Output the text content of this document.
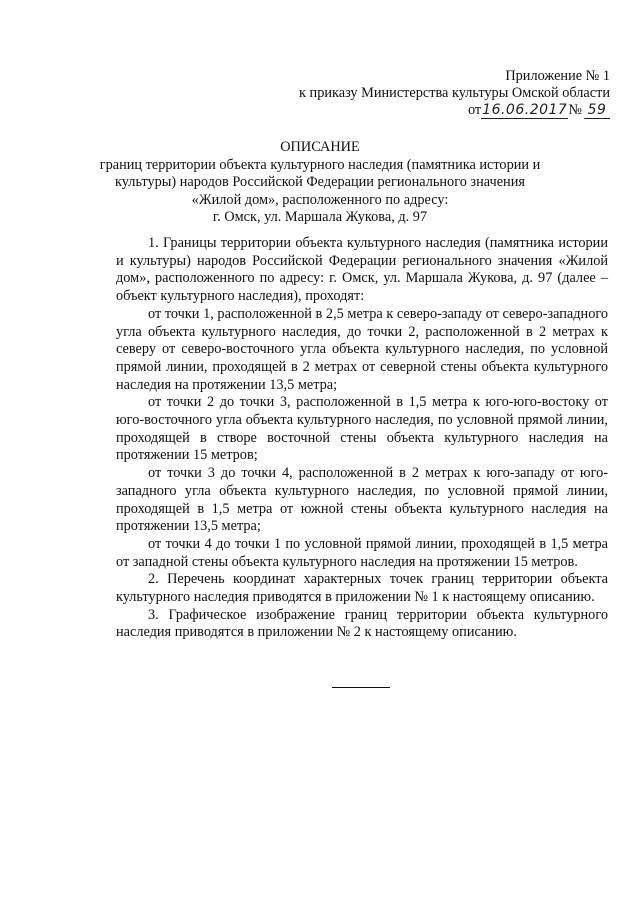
Приложение № 1
к приказу Министерства культуры Омской области
от16.06.2017№ 59
ОПИСАНИЕ
границ территории объекта культурного наследия (памятника истории и
культуры) народов Российской Федерации регионального значения
«Жилой дом», расположенного по адресу:
г. Омск, ул. Маршала Жукова, д. 97

1. Границы территории объекта культурного наследия (памятника истории и культуры) народов Российской Федерации регионального значения «Жилой дом», расположенного по адресу: г. Омск, ул. Маршала Жукова, д. 97 (далее – объект культурного наследия), проходят:

от точки 1, расположенной в 2,5 метра к северо-западу от северо-западного угла объекта культурного наследия, до точки 2, расположенной в 2 метрах к северу от северо-восточного угла объекта культурного наследия, по условной прямой линии, проходящей в 2 метрах от северной стены объекта культурного наследия на протяжении 13,5 метра;

от точки 2 до точки 3, расположенной в 1,5 метра к юго-юго-востоку от юго-восточного угла объекта культурного наследия, по условной прямой линии, проходящей в створе восточной стены объекта культурного наследия на протяжении 15 метров;

от точки 3 до точки 4, расположенной в 2 метрах к юго-западу от юго-западного угла объекта культурного наследия, по условной прямой линии, проходящей в 1,5 метра от южной стены объекта культурного наследия на протяжении 13,5 метра;

от точки 4 до точки 1 по условной прямой линии, проходящей в 1,5 метра от западной стены объекта культурного наследия на протяжении 15 метров.

2. Перечень координат характерных точек границ территории объекта культурного наследия приводятся в приложении № 1 к настоящему описанию.

3. Графическое изображение границ территории объекта культурного наследия приводятся в приложении № 2 к настоящему описанию.
